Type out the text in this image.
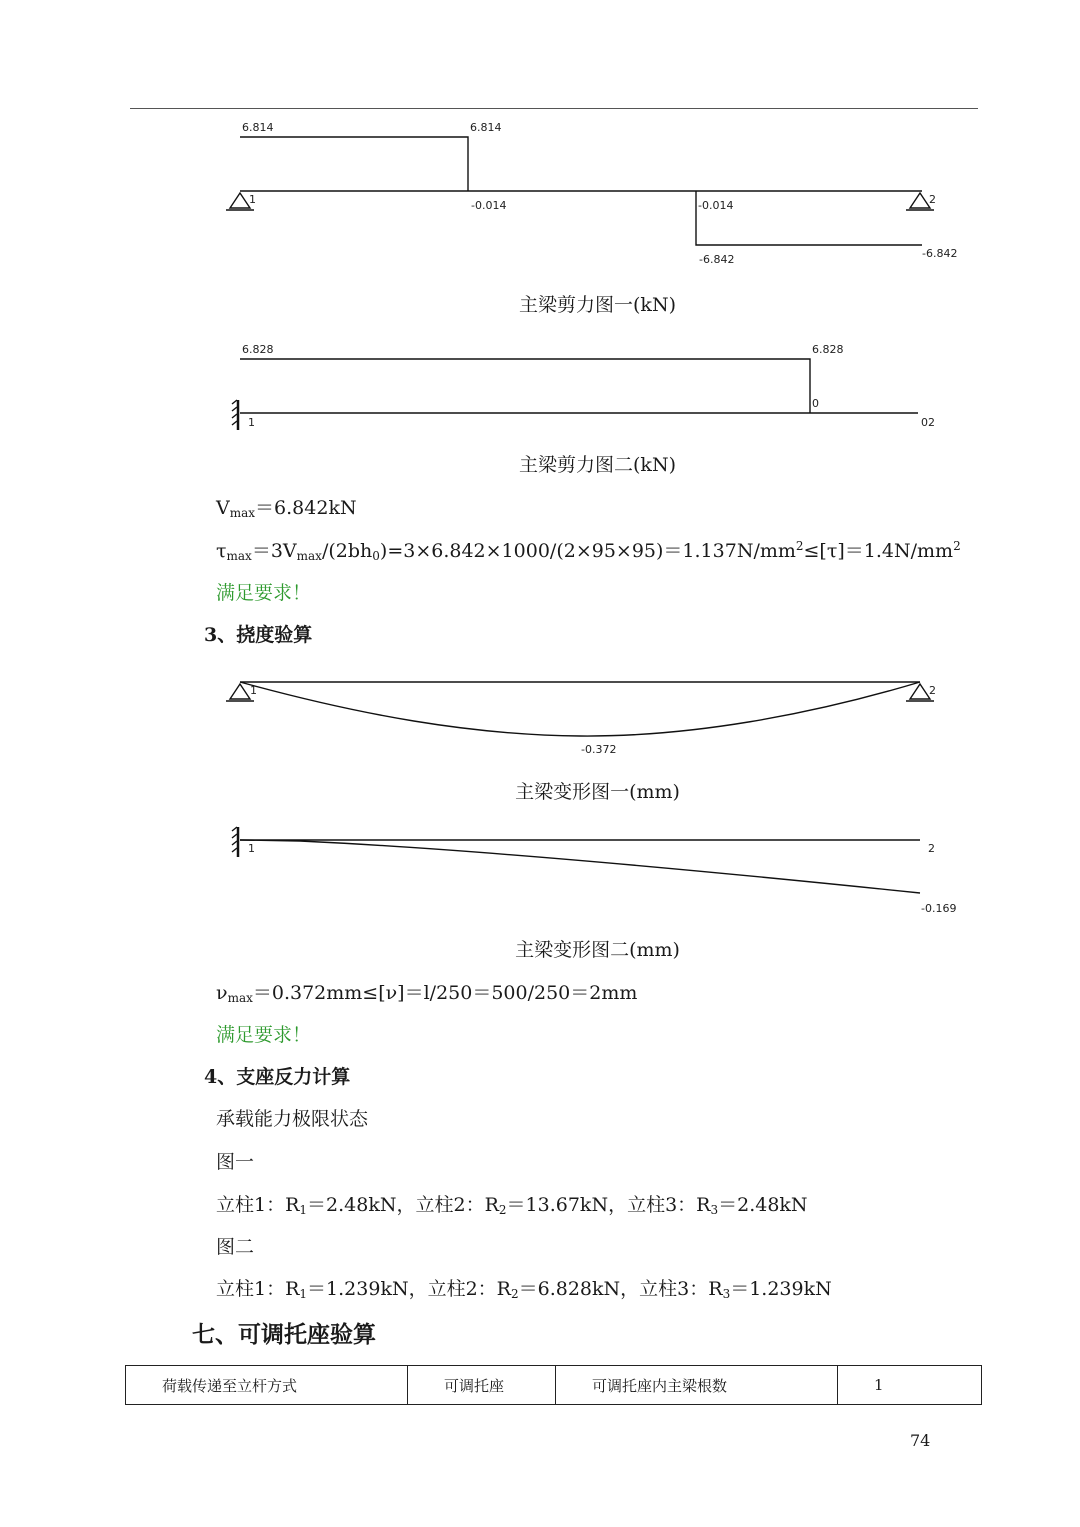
6.814	6.814
-0.014	-0.014
-6.842	-6.842
1	2
主梁剪力图一(kN)
6.828	6.828
0
02
1
主梁剪力图二(kN)
$V_{max}=6.842kN$
$\tau_{max}=3V_{max}/(2bh_0)=3\times 6.842\times 1000/(2\times 95\times 95)=1.137N/mm^2\le[\tau]=1.4N/mm^2$
满足要求！
3、挠度验算
-0.372
1	2
主梁变形图一(mm)
-0.169
1	2
主梁变形图二(mm)
$\nu_{max}=0.372mm\le[\nu]=l/250=500/250=2mm$
满足要求！
4、支座反力计算
承载能力极限状态
图一
立柱1：$R_1=2.48kN$，立柱2：$R_2=13.67kN$，立柱3：$R_3=2.48kN$
图二
立柱1：$R_1=1.239kN$，立柱2：$R_2=6.828kN$，立柱3：$R_3=1.239kN$
七、可调托座验算
荷载传递至立杆方式	可调托座	可调托座内主梁根数	1
74
